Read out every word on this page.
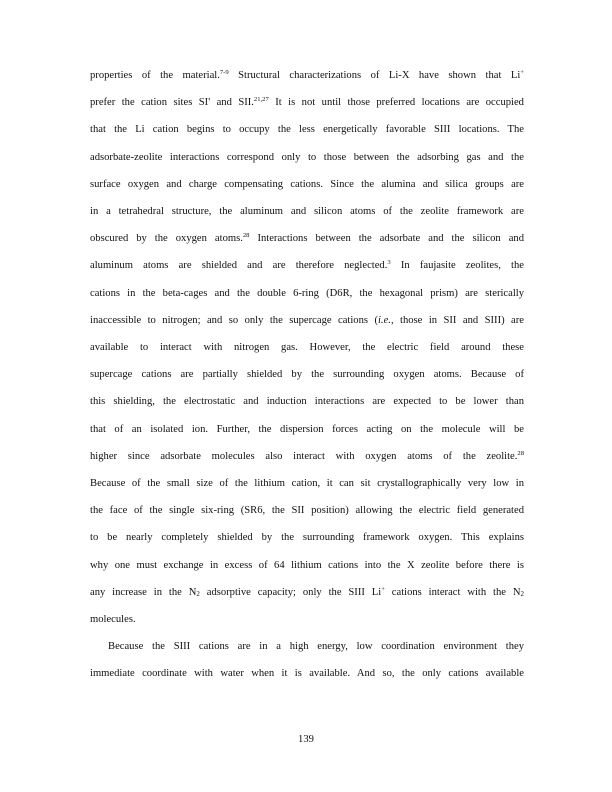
properties of the material.$^{7-9}$ Structural characterizations of Li-X have shown that Li+
prefer the cation sites SI' and SII.$^{21,27}$ It is not until those preferred locations are occupied
that the Li cation begins to occupy the less energetically favorable SIII locations. The
adsorbate-zeolite interactions correspond only to those between the adsorbing gas and the
surface oxygen and charge compensating cations. Since the alumina and silica groups are
in a tetrahedral structure, the aluminum and silicon atoms of the zeolite framework are
obscured by the oxygen atoms.$^{28}$ Interactions between the adsorbate and the silicon and
aluminum atoms are shielded and are therefore neglected.$^3$ In faujasite zeolites, the
cations in the beta-cages and the double 6-ring (D6R, the hexagonal prism) are sterically
inaccessible to nitrogen; and so only the supercage cations (i.e., those in SII and SIII) are
available to interact with nitrogen gas. However, the electric field around these
supercage cations are partially shielded by the surrounding oxygen atoms. Because of
this shielding, the electrostatic and induction interactions are expected to be lower than
that of an isolated ion. Further, the dispersion forces acting on the molecule will be
higher since adsorbate molecules also interact with oxygen atoms of the zeolite.$^{28}$
Because of the small size of the lithium cation, it can sit crystallographically very low in
the face of the single six-ring (SR6, the SII position) allowing the electric field generated
to be nearly completely shielded by the surrounding framework oxygen. This explains
why one must exchange in excess of 64 lithium cations into the X zeolite before there is
any increase in the $N_2$ adsorptive capacity; only the SIII Li+ cations interact with the $N_2$
molecules.

Because the SIII cations are in a high energy, low coordination environment they
immediate coordinate with water when it is available. And so, the only cations available

139
